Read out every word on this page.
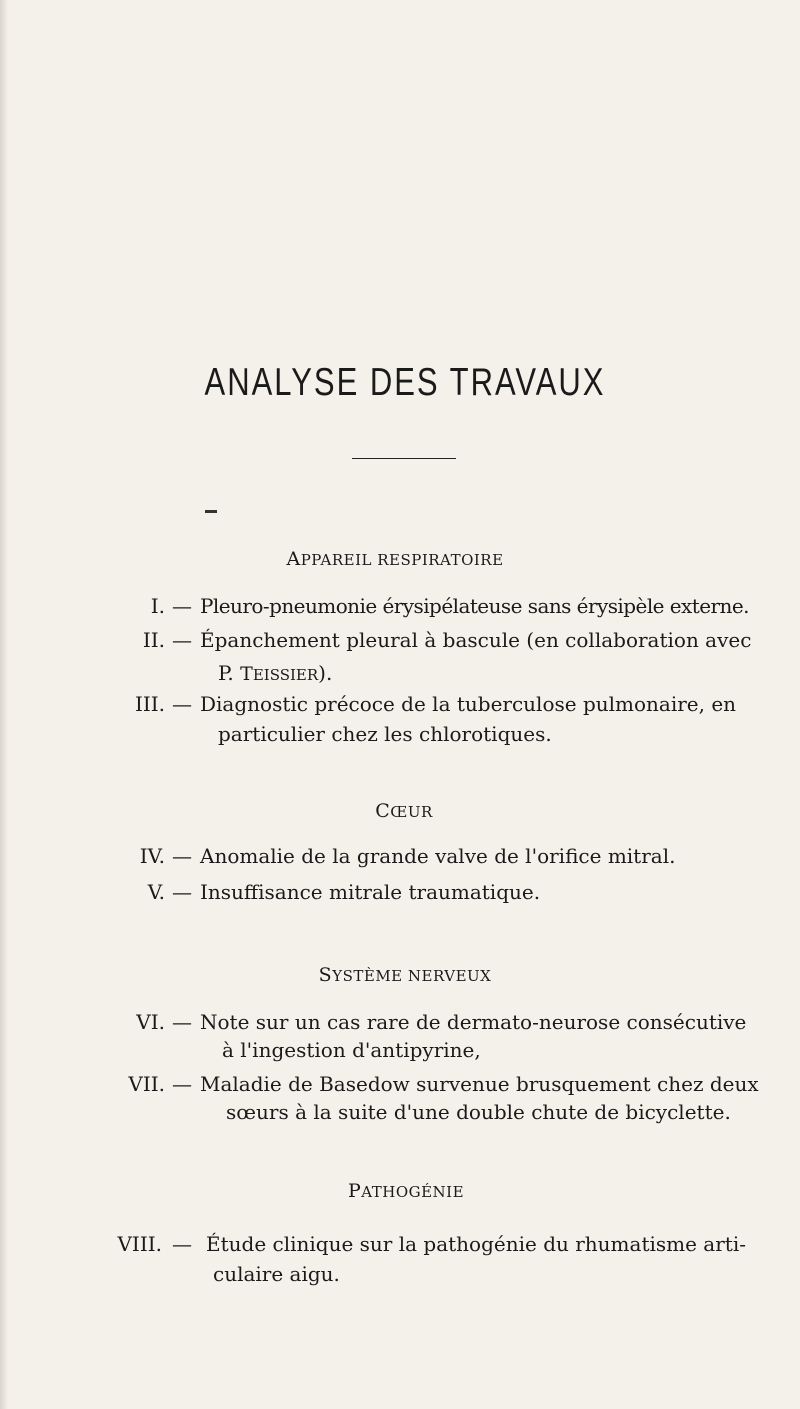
ANALYSE DES TRAVAUX
APPAREIL RESPIRATOIRE
I. — Pleuro-pneumonie érysipélateuse sans érysipèle externe.
II. — Épanchement pleural à bascule (en collaboration avec
P. TEISSIER).
III. — Diagnostic précoce de la tuberculose pulmonaire, en
particulier chez les chlorotiques.
CŒUR
IV. — Anomalie de la grande valve de l'orifice mitral.
V. — Insuffisance mitrale traumatique.
SYSTÈME NERVEUX
VI. — Note sur un cas rare de dermato-neurose consécutive
à l'ingestion d'antipyrine,
VII. — Maladie de Basedow survenue brusquement chez deux
sœurs à la suite d'une double chute de bicyclette.
PATHOGÉNIE
VIII. — Étude clinique sur la pathogénie du rhumatisme arti-
culaire aigu.
